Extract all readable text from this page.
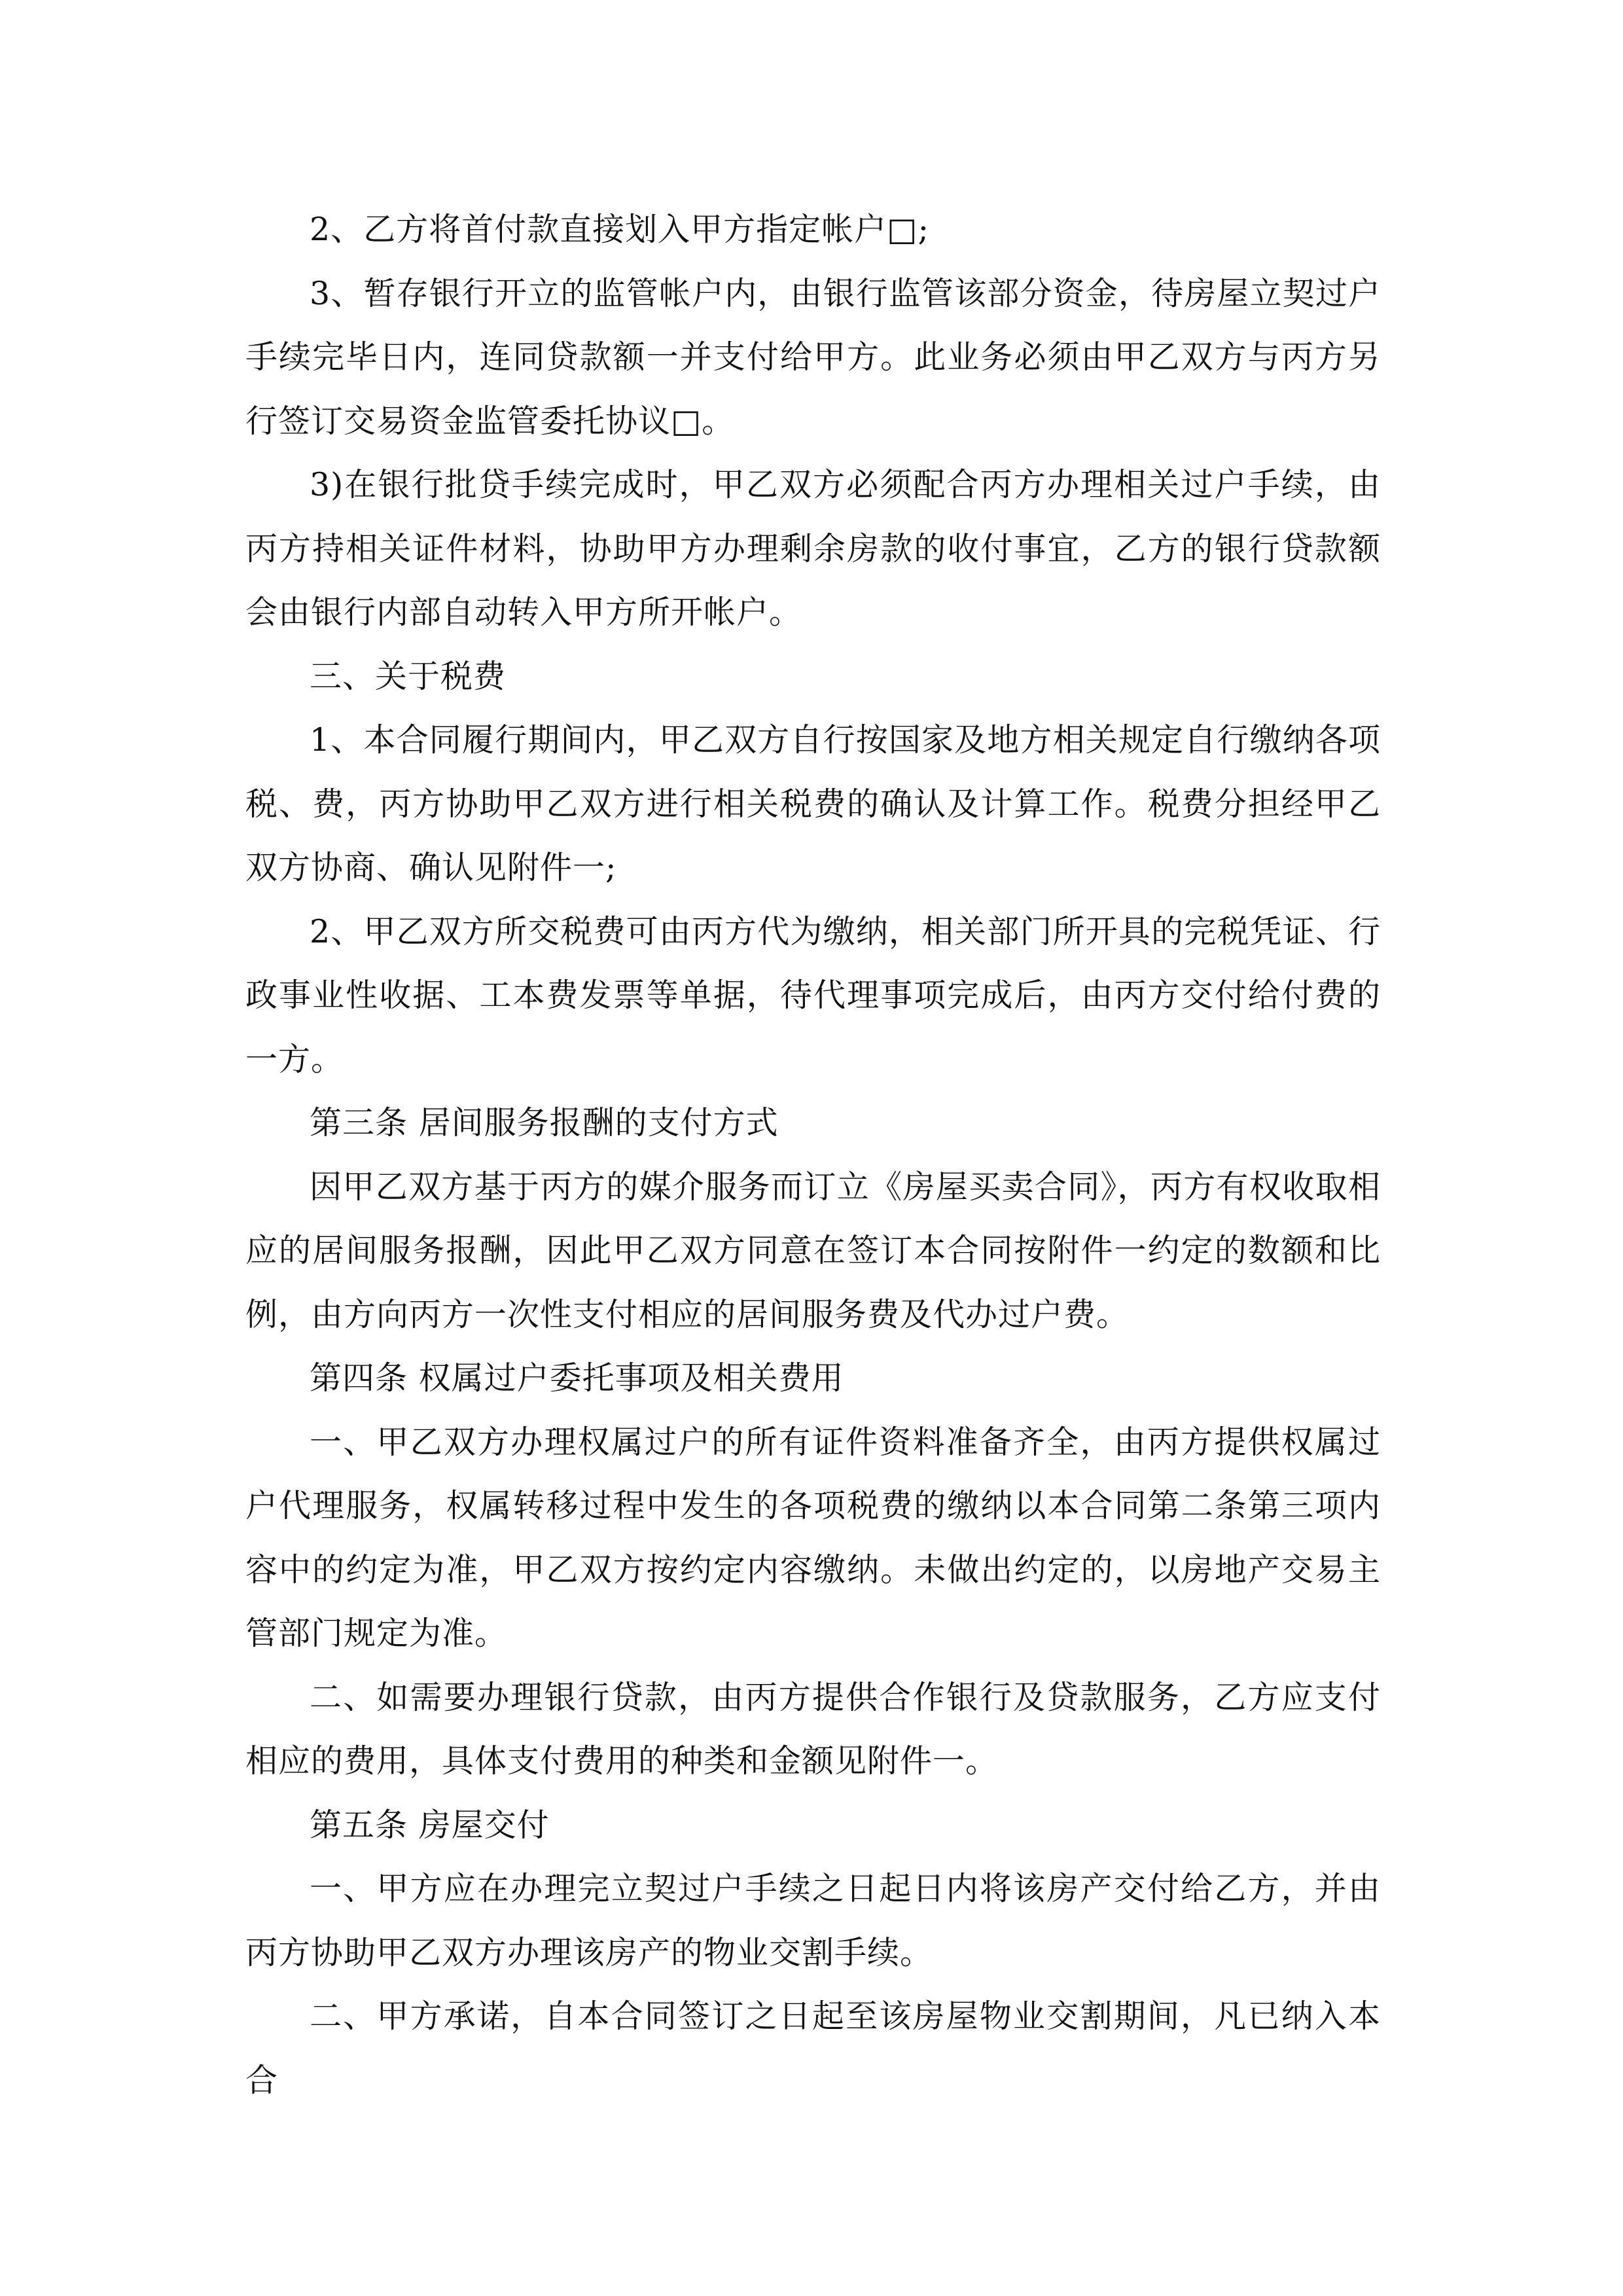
2、乙方将首付款直接划入甲方指定帐户□;

3、暂存银行开立的监管帐户内，由银行监管该部分资金，待房屋立契过户手续完毕日内，连同贷款额一并支付给甲方。此业务必须由甲乙双方与丙方另行签订交易资金监管委托协议□。

3)在银行批贷手续完成时，甲乙双方必须配合丙方办理相关过户手续，由丙方持相关证件材料，协助甲方办理剩余房款的收付事宜，乙方的银行贷款额会由银行内部自动转入甲方所开帐户。

三、关于税费

1、本合同履行期间内，甲乙双方自行按国家及地方相关规定自行缴纳各项税、费，丙方协助甲乙双方进行相关税费的确认及计算工作。税费分担经甲乙双方协商、确认见附件一;

2、甲乙双方所交税费可由丙方代为缴纳，相关部门所开具的完税凭证、行政事业性收据、工本费发票等单据，待代理事项完成后，由丙方交付给付费的一方。

第三条 居间服务报酬的支付方式

因甲乙双方基于丙方的媒介服务而订立《房屋买卖合同》，丙方有权收取相应的居间服务报酬，因此甲乙双方同意在签订本合同按附件一约定的数额和比例，由方向丙方一次性支付相应的居间服务费及代办过户费。

第四条 权属过户委托事项及相关费用

一、甲乙双方办理权属过户的所有证件资料准备齐全，由丙方提供权属过户代理服务，权属转移过程中发生的各项税费的缴纳以本合同第二条第三项内容中的约定为准，甲乙双方按约定内容缴纳。未做出约定的，以房地产交易主管部门规定为准。

二、如需要办理银行贷款，由丙方提供合作银行及贷款服务，乙方应支付相应的费用，具体支付费用的种类和金额见附件一。

第五条 房屋交付

一、甲方应在办理完立契过户手续之日起日内将该房产交付给乙方，并由丙方协助甲乙双方办理该房产的物业交割手续。

二、甲方承诺，自本合同签订之日起至该房屋物业交割期间，凡已纳入本合
